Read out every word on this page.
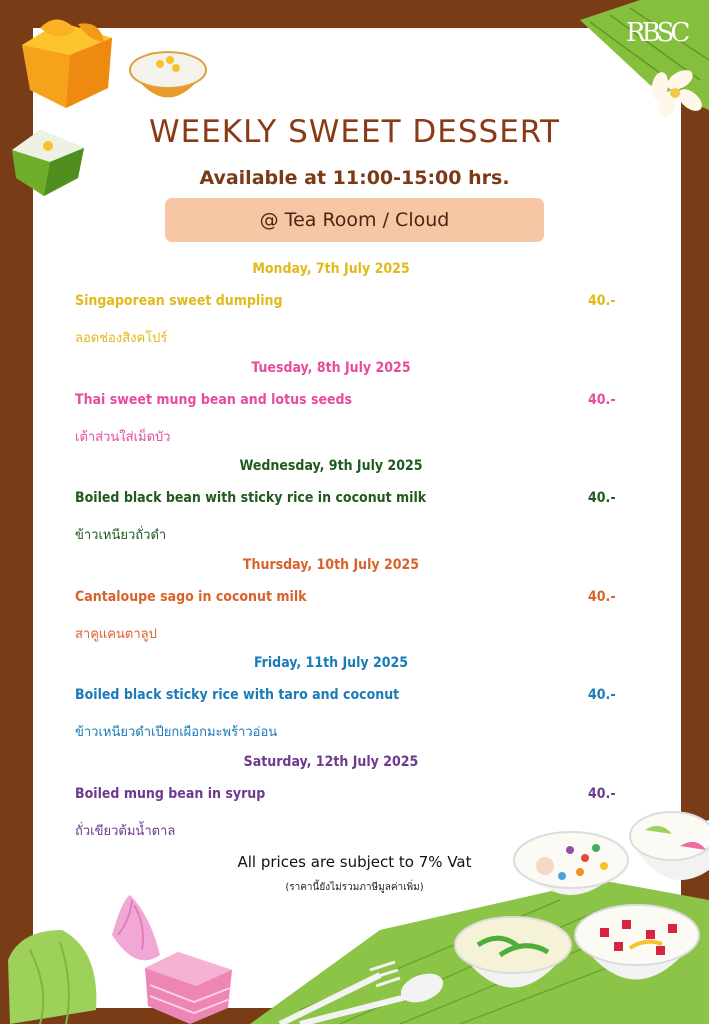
RBSC
WEEKLY SWEET DESSERT
Available at 11:00-15:00 hrs.
@ Tea Room / Cloud
Monday, 7th July 2025
Singaporean sweet dumpling	40.-
ลอดช่องสิงคโปร์
Tuesday, 8th July 2025
Thai sweet mung bean and lotus seeds	40.-
เต้าส่วนใส่เม็ดบัว
Wednesday, 9th July 2025
Boiled black bean with sticky rice in coconut milk	40.-
ข้าวเหนียวถั่วดำ
Thursday, 10th July 2025
Cantaloupe sago in coconut milk	40.-
สาคูแคนตาลูป
Friday, 11th July 2025
Boiled black sticky rice with taro and coconut	40.-
ข้าวเหนียวดำเปียกเผือกมะพร้าวอ่อน
Saturday, 12th July 2025
Boiled mung bean in syrup	40.-
ถั่วเขียวต้มน้ำตาล
All prices are subject to 7% Vat
(ราคานี้ยังไม่รวมภาษีมูลค่าเพิ่ม)
